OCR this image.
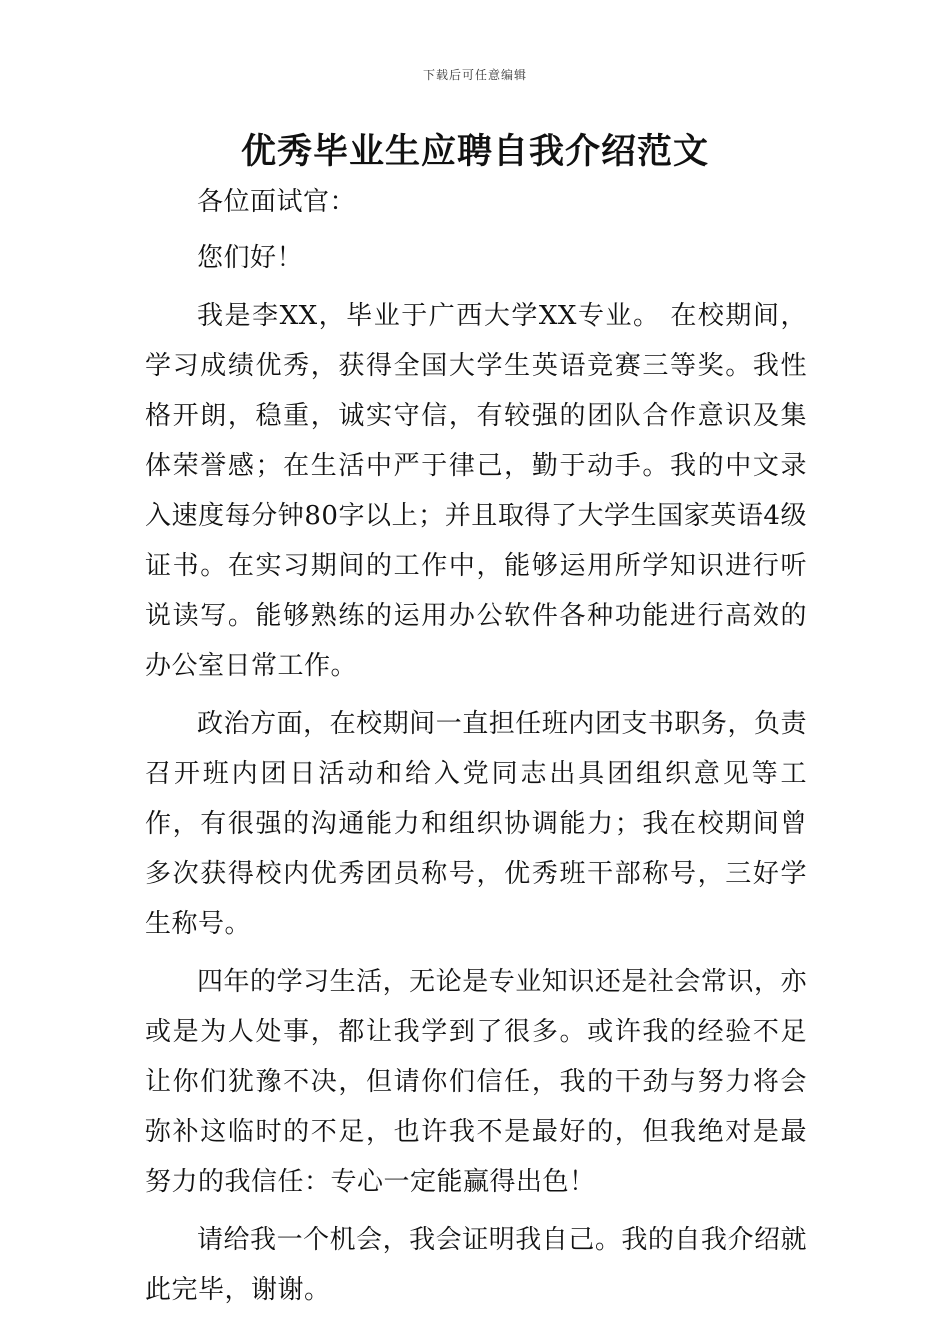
下载后可任意编辑
优秀毕业生应聘自我介绍范文

各位面试官：

您们好！

我是李XX，毕业于广西大学XX专业。 在校期间，学习成绩优秀，获得全国大学生英语竞赛三等奖。我性格开朗，稳重，诚实守信，有较强的团队合作意识及集体荣誉感；在生活中严于律己，勤于动手。我的中文录入速度每分钟80字以上；并且取得了大学生国家英语4级证书。在实习期间的工作中，能够运用所学知识进行听说读写。能够熟练的运用办公软件各种功能进行高效的办公室日常工作。

政治方面，在校期间一直担任班内团支书职务，负责召开班内团日活动和给入党同志出具团组织意见等工作，有很强的沟通能力和组织协调能力；我在校期间曾多次获得校内优秀团员称号，优秀班干部称号，三好学生称号。

四年的学习生活，无论是专业知识还是社会常识，亦或是为人处事，都让我学到了很多。或许我的经验不足让你们犹豫不决，但请你们信任，我的干劲与努力将会弥补这临时的不足，也许我不是最好的，但我绝对是最努力的我信任：专心一定能赢得出色！

请给我一个机会，我会证明我自己。我的自我介绍就此完毕，谢谢。
